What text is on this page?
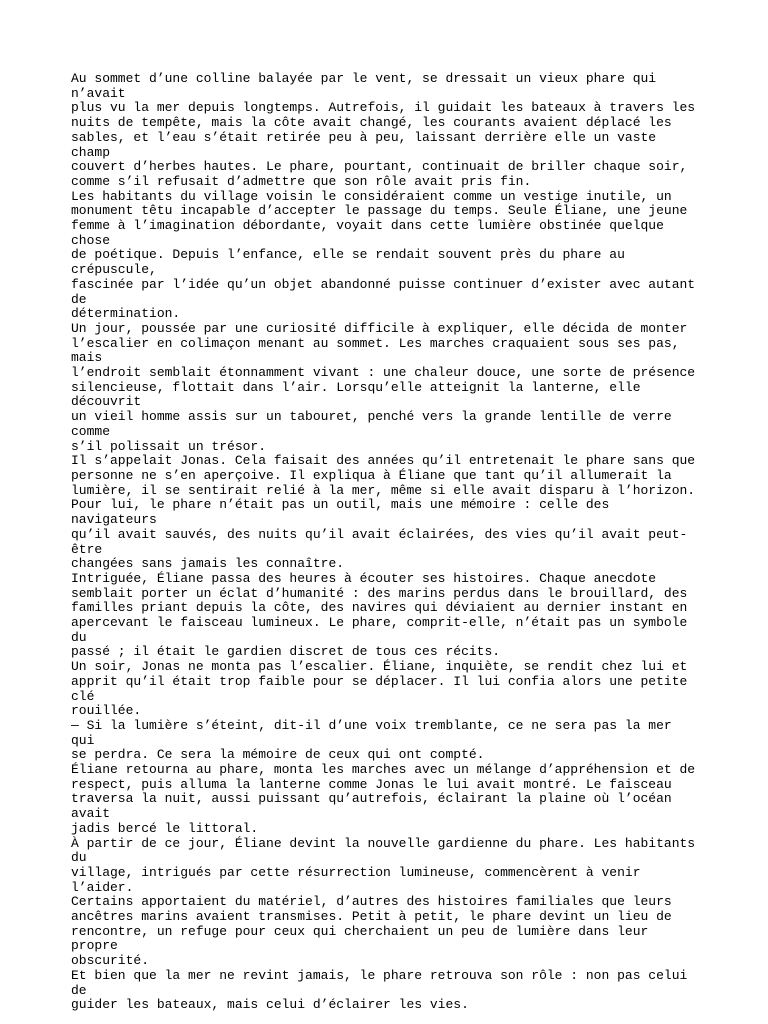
Au sommet d’une colline balayée par le vent, se dressait un vieux phare qui n’avait
plus vu la mer depuis longtemps. Autrefois, il guidait les bateaux à travers les
nuits de tempête, mais la côte avait changé, les courants avaient déplacé les
sables, et l’eau s’était retirée peu à peu, laissant derrière elle un vaste champ
couvert d’herbes hautes. Le phare, pourtant, continuait de briller chaque soir,
comme s’il refusait d’admettre que son rôle avait pris fin.

Les habitants du village voisin le considéraient comme un vestige inutile, un
monument têtu incapable d’accepter le passage du temps. Seule Éliane, une jeune
femme à l’imagination débordante, voyait dans cette lumière obstinée quelque chose
de poétique. Depuis l’enfance, elle se rendait souvent près du phare au crépuscule,
fascinée par l’idée qu’un objet abandonné puisse continuer d’exister avec autant de
détermination.

Un jour, poussée par une curiosité difficile à expliquer, elle décida de monter
l’escalier en colimaçon menant au sommet. Les marches craquaient sous ses pas, mais
l’endroit semblait étonnamment vivant : une chaleur douce, une sorte de présence
silencieuse, flottait dans l’air. Lorsqu’elle atteignit la lanterne, elle découvrit
un vieil homme assis sur un tabouret, penché vers la grande lentille de verre comme
s’il polissait un trésor.

Il s’appelait Jonas. Cela faisait des années qu’il entretenait le phare sans que
personne ne s’en aperçoive. Il expliqua à Éliane que tant qu’il allumerait la
lumière, il se sentirait relié à la mer, même si elle avait disparu à l’horizon.
Pour lui, le phare n’était pas un outil, mais une mémoire : celle des navigateurs
qu’il avait sauvés, des nuits qu’il avait éclairées, des vies qu’il avait peut-être
changées sans jamais les connaître.

Intriguée, Éliane passa des heures à écouter ses histoires. Chaque anecdote
semblait porter un éclat d’humanité : des marins perdus dans le brouillard, des
familles priant depuis la côte, des navires qui déviaient au dernier instant en
apercevant le faisceau lumineux. Le phare, comprit-elle, n’était pas un symbole du
passé ; il était le gardien discret de tous ces récits.

Un soir, Jonas ne monta pas l’escalier. Éliane, inquiète, se rendit chez lui et
apprit qu’il était trop faible pour se déplacer. Il lui confia alors une petite clé
rouillée.

— Si la lumière s’éteint, dit-il d’une voix tremblante, ce ne sera pas la mer qui
se perdra. Ce sera la mémoire de ceux qui ont compté.

Éliane retourna au phare, monta les marches avec un mélange d’appréhension et de
respect, puis alluma la lanterne comme Jonas le lui avait montré. Le faisceau
traversa la nuit, aussi puissant qu’autrefois, éclairant la plaine où l’océan avait
jadis bercé le littoral.

À partir de ce jour, Éliane devint la nouvelle gardienne du phare. Les habitants du
village, intrigués par cette résurrection lumineuse, commencèrent à venir l’aider.
Certains apportaient du matériel, d’autres des histoires familiales que leurs
ancêtres marins avaient transmises. Petit à petit, le phare devint un lieu de
rencontre, un refuge pour ceux qui cherchaient un peu de lumière dans leur propre
obscurité.

Et bien que la mer ne revint jamais, le phare retrouva son rôle : non pas celui de
guider les bateaux, mais celui d’éclairer les vies.
